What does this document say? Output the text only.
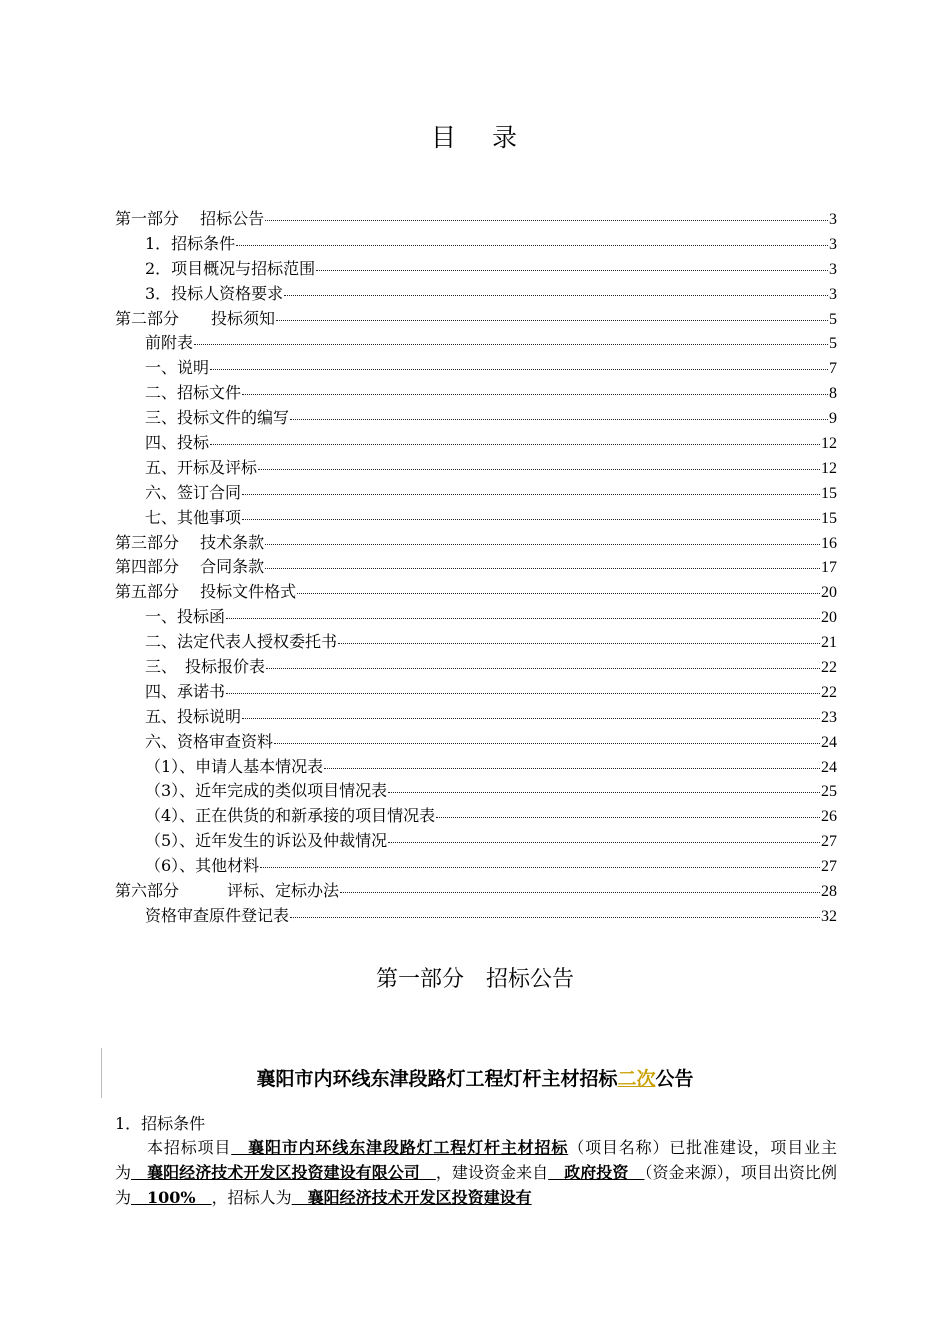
目 录
第一部分　 招标公告	3
1．招标条件	3
2．项目概况与招标范围	3
3．投标人资格要求	3
第二部分　　投标须知	5
前附表	5
一、说明	7
二、招标文件	8
三、投标文件的编写	9
四、投标	12
五、开标及评标	12
六、签订合同	15
七、其他事项	15
第三部分　 技术条款	16
第四部分　 合同条款	17
第五部分　 投标文件格式	20
一、投标函	20
二、法定代表人授权委托书	21
三、　投标报价表	22
四、承诺书	22
五、投标说明	23
六、资格审查资料	24
（1）、申请人基本情况表	24
（3）、近年完成的类似项目情况表	25
（4）、正在供货的和新承接的项目情况表	26
（5）、近年发生的诉讼及仲裁情况	27
（6）、其他材料	27
第六部分　　　评标、定标办法	28
资格审查原件登记表	32
第一部分 招标公告
襄阳市内环线东津段路灯工程灯杆主材招标二次公告
1．招标条件
本招标项目　襄阳市内环线东津段路灯工程灯杆主材招标（项目名称）已批准建设，项目业主为　襄阳经济技术开发区投资建设有限公司　，建设资金来自　政府投资　（资金来源），项目出资比例为　100%　，招标人为　襄阳经济技术开发区投资建设有
